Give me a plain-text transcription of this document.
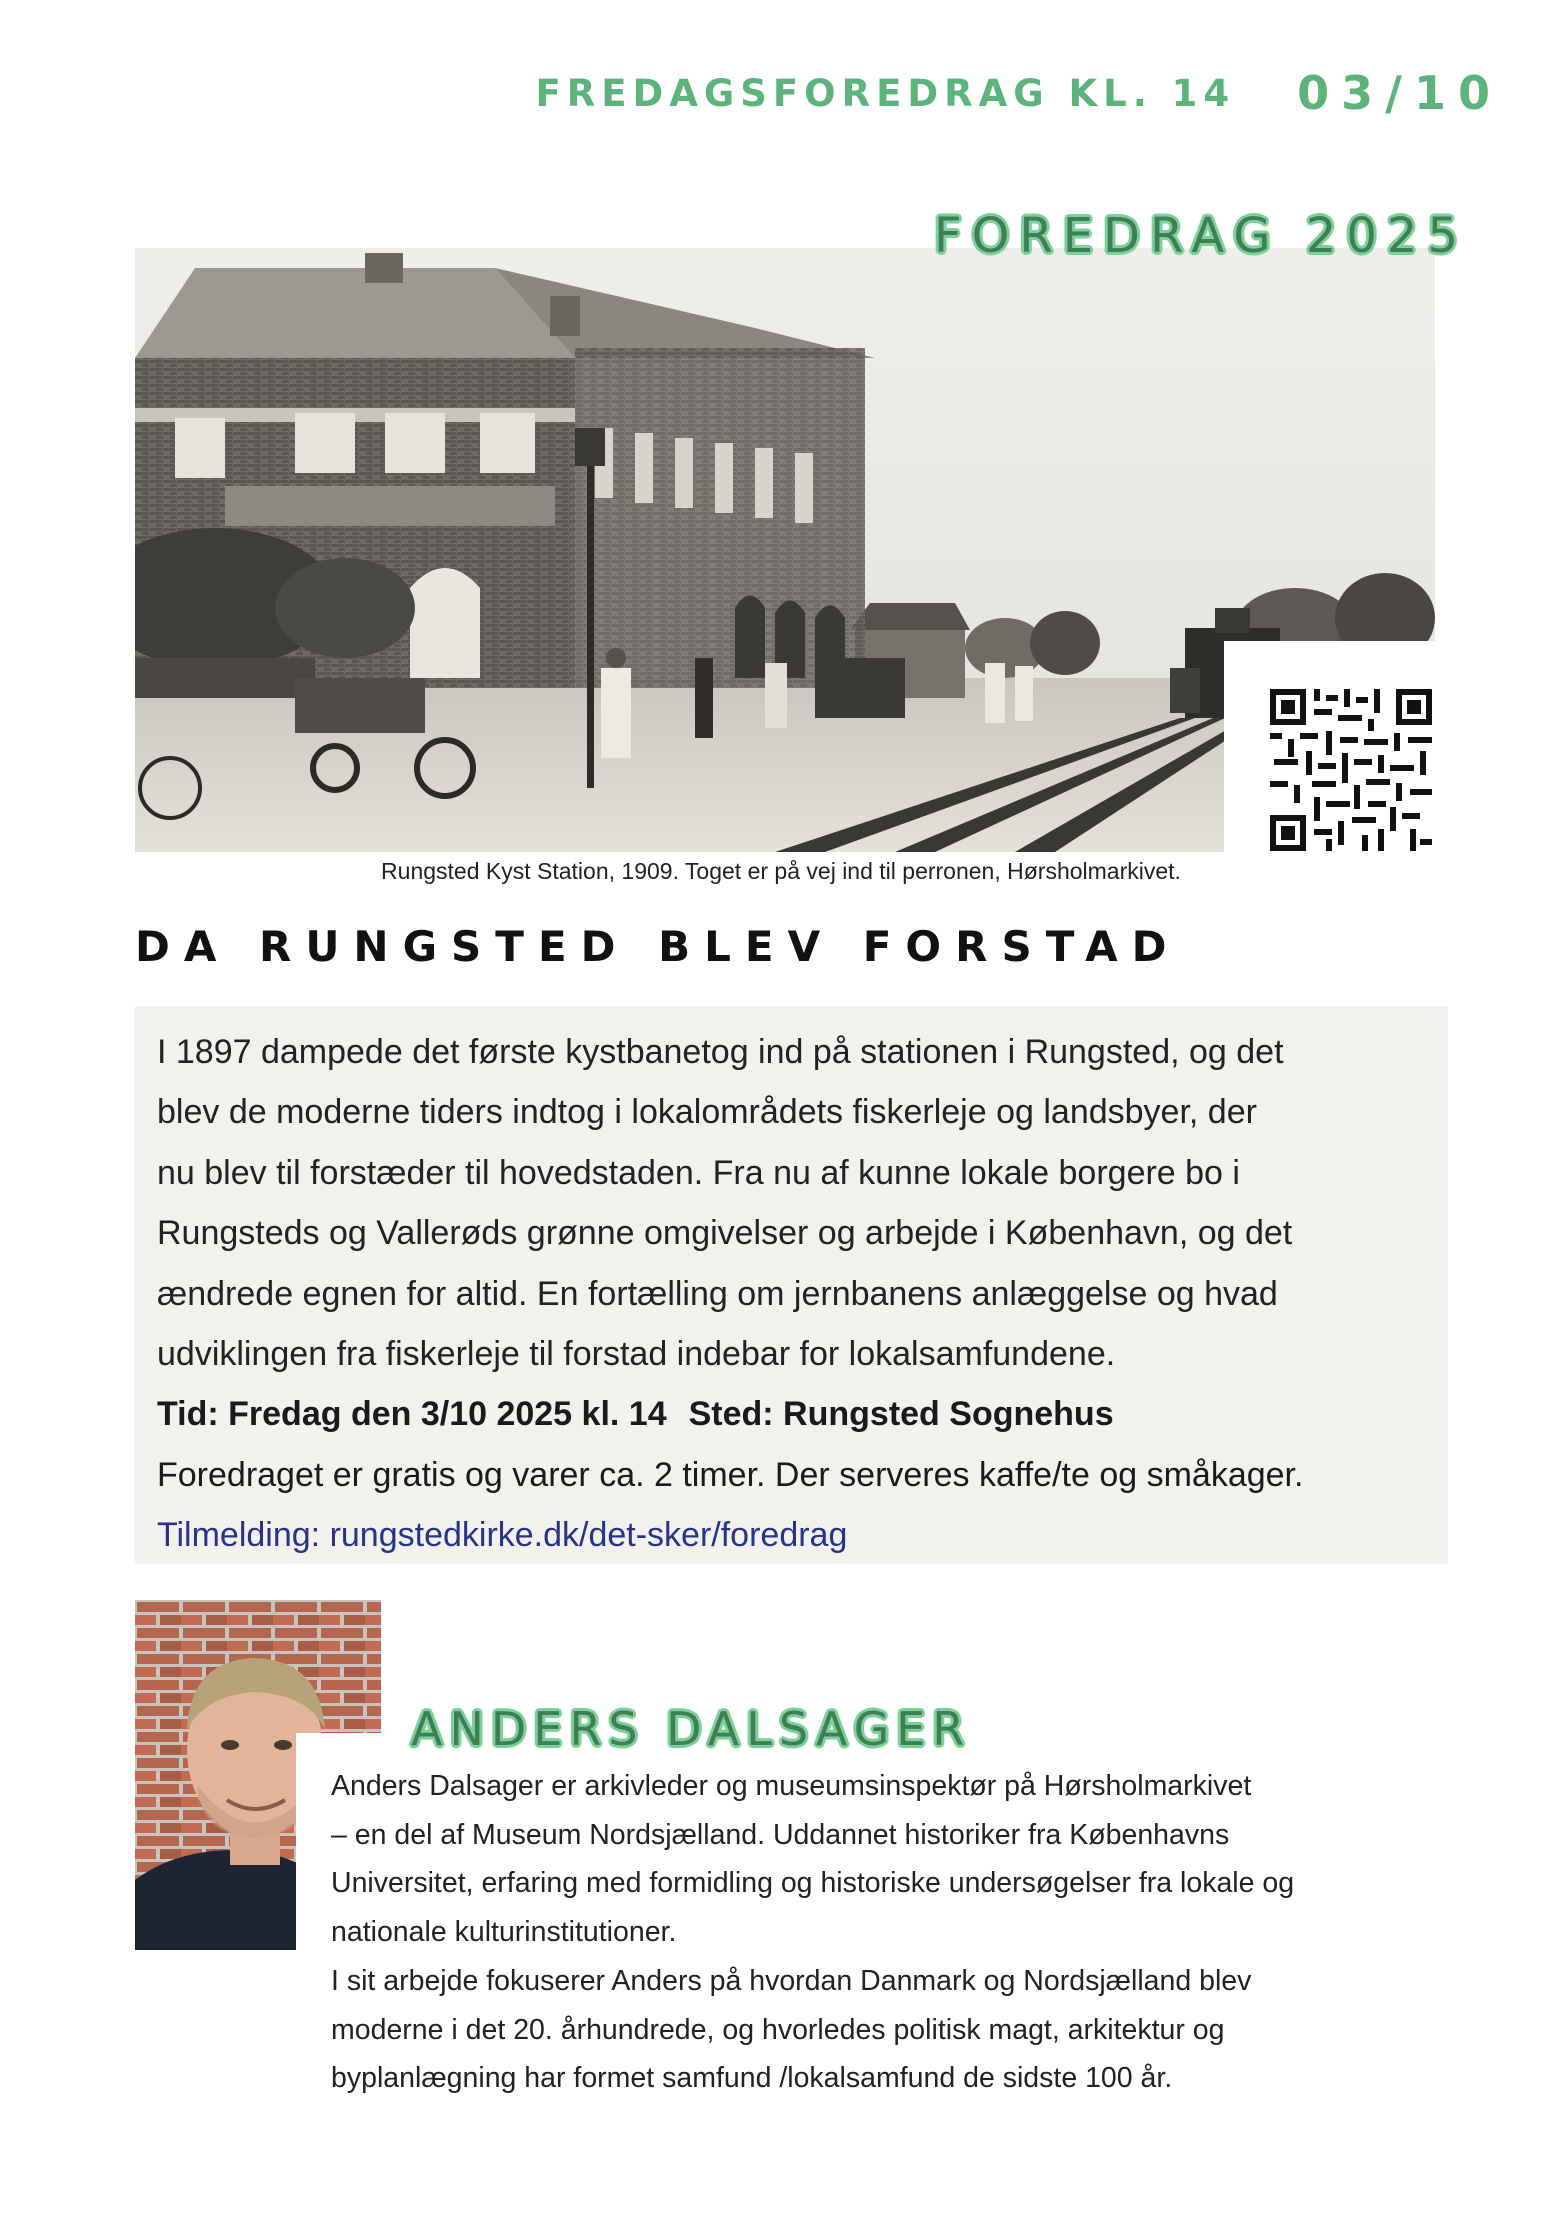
FREDAGSFOREDRAG KL. 14 03/10
FOREDRAG 2025
Rungsted Kyst Station, 1909. Toget er på vej ind til perronen, Hørsholmarkivet.
DA RUNGSTED BLEV FORSTAD

I 1897 dampede det første kystbanetog ind på stationen i Rungsted, og det
blev de moderne tiders indtog i lokalområdets fiskerleje og landsbyer, der
nu blev til forstæder til hovedstaden. Fra nu af kunne lokale borgere bo i
Rungsteds og Vallerøds grønne omgivelser og arbejde i København, og det
ændrede egnen for altid. En fortælling om jernbanens anlæggelse og hvad
udviklingen fra fiskerleje til forstad indebar for lokalsamfundene.

Tid: Fredag den 3/10 2025 kl. 14 Sted: Rungsted Sognehus
Foredraget er gratis og varer ca. 2 timer. Der serveres kaffe/te og småkager.
Tilmelding: rungstedkirke.dk/det-sker/foredrag
ANDERS DALSAGER
Anders Dalsager er arkivleder og museumsinspektør på Hørsholmarkivet
– en del af Museum Nordsjælland. Uddannet historiker fra Københavns
Universitet, erfaring med formidling og historiske undersøgelser fra lokale og
nationale kulturinstitutioner.
I sit arbejde fokuserer Anders på hvordan Danmark og Nordsjælland blev
moderne i det 20. århundrede, og hvorledes politisk magt, arkitektur og
byplanlægning har formet samfund /lokalsamfund de sidste 100 år.
